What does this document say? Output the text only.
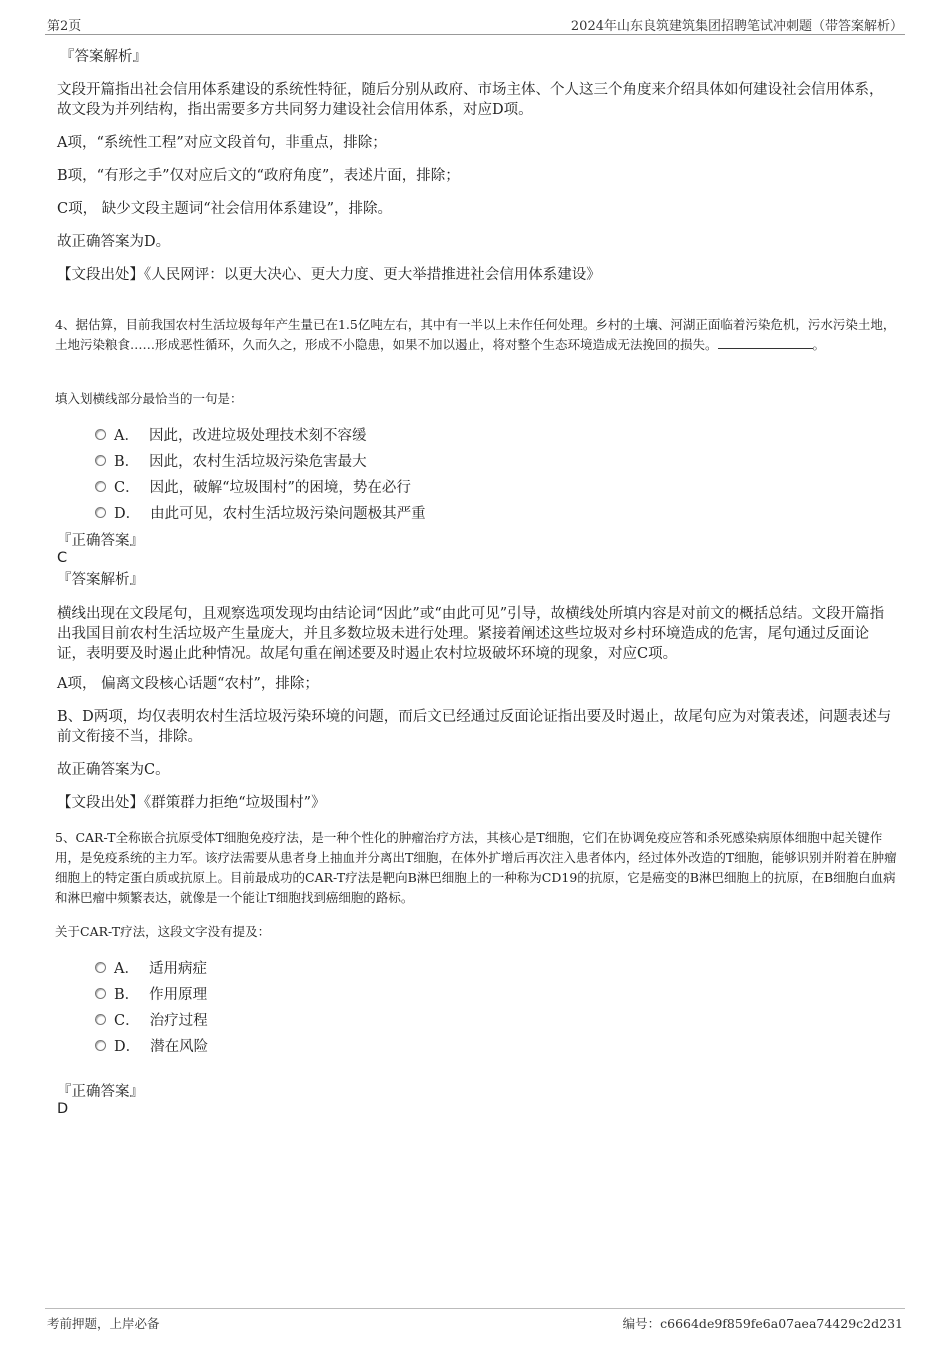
第2页	2024年山东良筑建筑集团招聘笔试冲刺题（带答案解析）
『答案解析』
文段开篇指出社会信用体系建设的系统性特征，随后分别从政府、市场主体、个人这三个角度来介绍具体如何建设社会信用体系，故文段为并列结构，指出需要多方共同努力建设社会信用体系，对应D项。
A项，“系统性工程”对应文段首句，非重点，排除；
B项，“有形之手”仅对应后文的“政府角度”，表述片面，排除；
C项， 缺少文段主题词“社会信用体系建设”，排除。
故正确答案为D。
【文段出处】《人民网评：以更大决心、更大力度、更大举措推进社会信用体系建设》
4、据估算，目前我国农村生活垃圾每年产生量已在1.5亿吨左右，其中有一半以上未作任何处理。乡村的土壤、河湖正面临着污染危机，污水污染土地，土地污染粮食……形成恶性循环，久而久之，形成不小隐患，如果不加以遏止，将对整个生态环境造成无法挽回的损失。	。
填入划横线部分最恰当的一句是：
A． 因此，改进垃圾处理技术刻不容缓
B． 因此，农村生活垃圾污染危害最大
C． 因此，破解“垃圾围村”的困境，势在必行
D． 由此可见，农村生活垃圾污染问题极其严重
『正确答案』
C
『答案解析』
横线出现在文段尾句，且观察选项发现均由结论词“因此”或“由此可见”引导，故横线处所填内容是对前文的概括总结。文段开篇指出我国目前农村生活垃圾产生量庞大，并且多数垃圾未进行处理。紧接着阐述这些垃圾对乡村环境造成的危害，尾句通过反面论证，表明要及时遏止此种情况。故尾句重在阐述要及时遏止农村垃圾破坏环境的现象，对应C项。
A项， 偏离文段核心话题“农村”，排除；
B、D两项，均仅表明农村生活垃圾污染环境的问题，而后文已经通过反面论证指出要及时遏止，故尾句应为对策表述，问题表述与前文衔接不当，排除。
故正确答案为C。
【文段出处】《群策群力拒绝“垃圾围村”》
5、CAR-T全称嵌合抗原受体T细胞免疫疗法，是一种个性化的肿瘤治疗方法，其核心是T细胞，它们在协调免疫应答和杀死感染病原体细胞中起关键作用，是免疫系统的主力军。该疗法需要从患者身上抽血并分离出T细胞，在体外扩增后再次注入患者体内，经过体外改造的T细胞，能够识别并附着在肿瘤细胞上的特定蛋白质或抗原上。目前最成功的CAR-T疗法是靶向B淋巴细胞上的一种称为CD19的抗原，它是癌变的B淋巴细胞上的抗原，在B细胞白血病和淋巴瘤中频繁表达，就像是一个能让T细胞找到癌细胞的路标。
关于CAR-T疗法，这段文字没有提及：
A． 适用病症
B． 作用原理
C． 治疗过程
D． 潜在风险
『正确答案』
D
考前押题，上岸必备	编号：c6664de9f859fe6a07aea74429c2d231
